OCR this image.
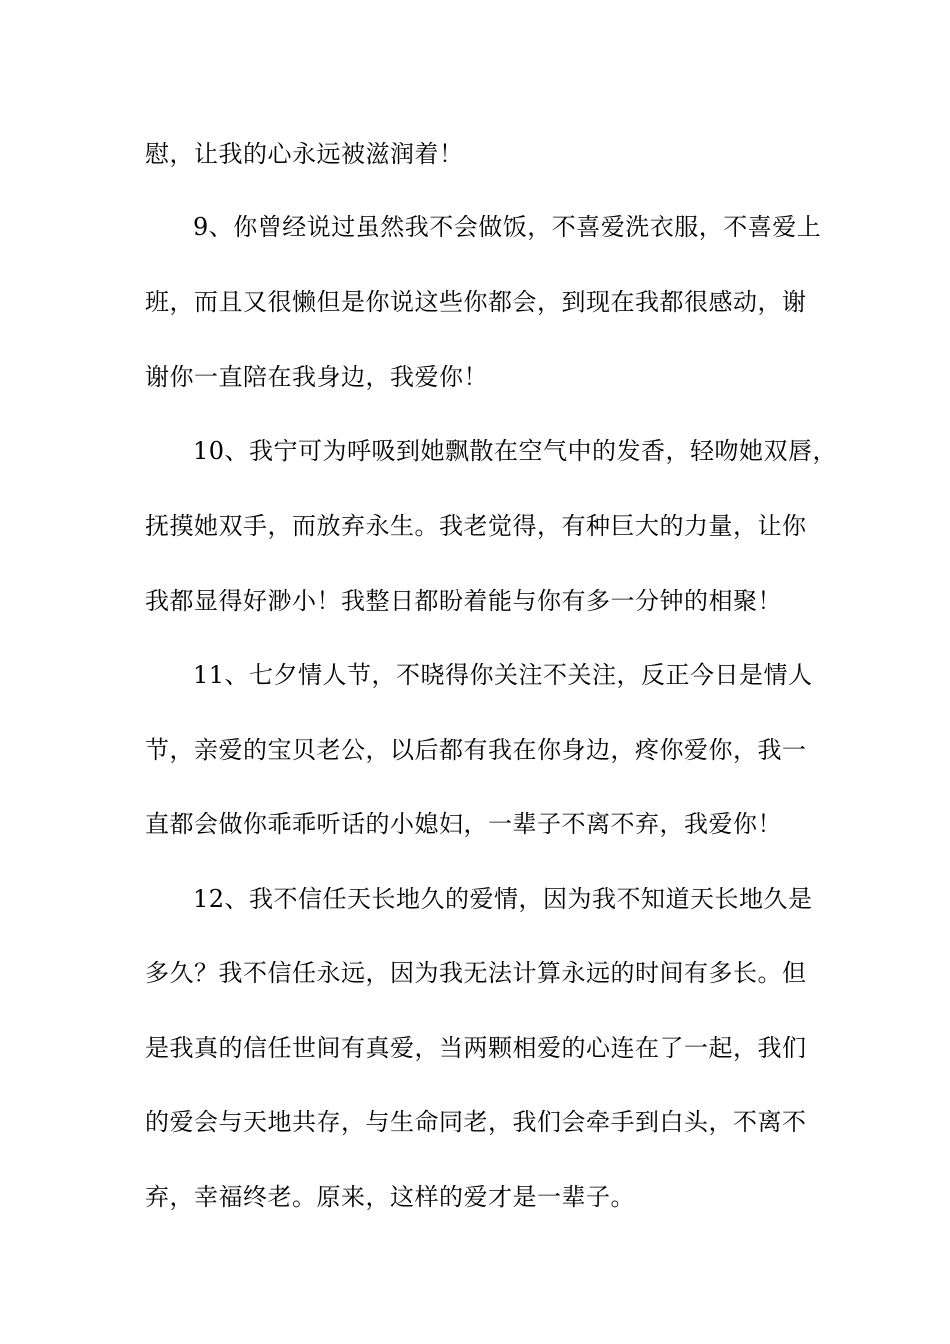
慰，让我的心永远被滋润着！
9、你曾经说过虽然我不会做饭，不喜爱洗衣服，不喜爱上
班，而且又很懒但是你说这些你都会，到现在我都很感动，谢
谢你一直陪在我身边，我爱你！
10、我宁可为呼吸到她飘散在空气中的发香，轻吻她双唇，
抚摸她双手，而放弃永生。我老觉得，有种巨大的力量，让你
我都显得好渺小！我整日都盼着能与你有多一分钟的相聚！
11、七夕情人节，不晓得你关注不关注，反正今日是情人
节，亲爱的宝贝老公，以后都有我在你身边，疼你爱你，我一
直都会做你乖乖听话的小媳妇，一辈子不离不弃，我爱你！
12、我不信任天长地久的爱情，因为我不知道天长地久是
多久？我不信任永远，因为我无法计算永远的时间有多长。但
是我真的信任世间有真爱，当两颗相爱的心连在了一起，我们
的爱会与天地共存，与生命同老，我们会牵手到白头，不离不
弃，幸福终老。原来，这样的爱才是一辈子。
